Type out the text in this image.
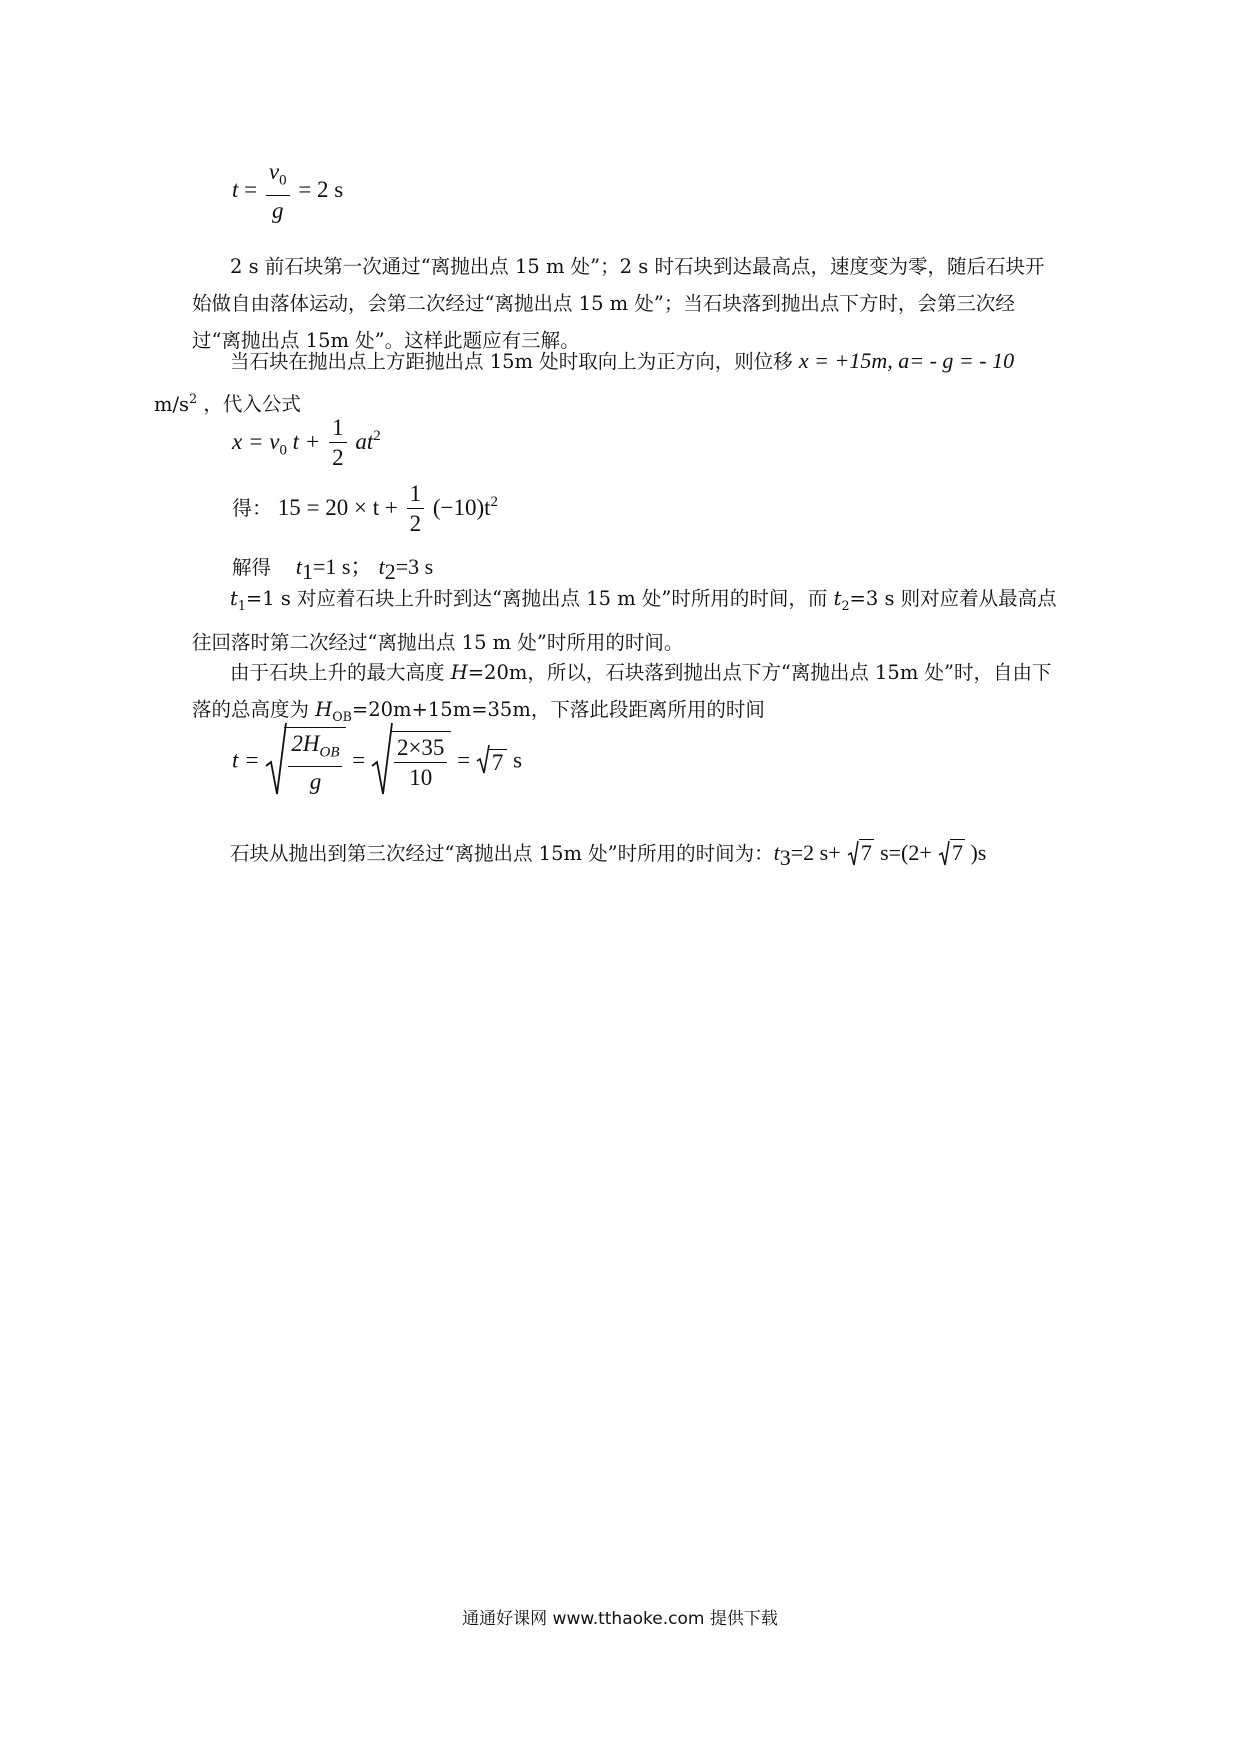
$t = \frac{v_0}{g} = 2$ s
2 s 前石块第一次通过“离抛出点 15 m 处”；2 s 时石块到达最高点，速度变为零，随后石块开始做自由落体运动，会第二次经过“离抛出点 15 m 处”；当石块落到抛出点下方时，会第三次经过“离抛出点 15m 处”。这样此题应有三解。
当石块在抛出点上方距抛出点 15m 处时取向上为正方向，则位移 x = +15m, a= - g = - 10
$m/s^2$ ，代入公式
$x = v_0$ $t + \frac{1}{2} at^2$
得： $15 = 20 \times t + \frac{1}{2} (-10)t^2$
解得 $t_1=1$ s； $t_2=3$ s
$t_1=1$ s 对应着石块上升时到达“离抛出点 15 m 处”时所用的时间，而 $t_2=3$ s 则对应着从最高点往回落时第二次经过“离抛出点 15 m 处”时所用的时间。
由于石块上升的最大高度 H=20m，所以，石块落到抛出点下方“离抛出点 15m 处”时，自由下落的总高度为 $H_{OB}=20m+15m=35m$，下落此段距离所用的时间
$t = \frac{2H_{OB}}{g} = \frac{2\times 35}{10} = 7$ s
石块从抛出到第三次经过“离抛出点 15m 处”时所用的时间为：$t_3=2$ s+ 7 s=(2+ 7 )s
通通好课网 www.tthaoke.com 提供下载
